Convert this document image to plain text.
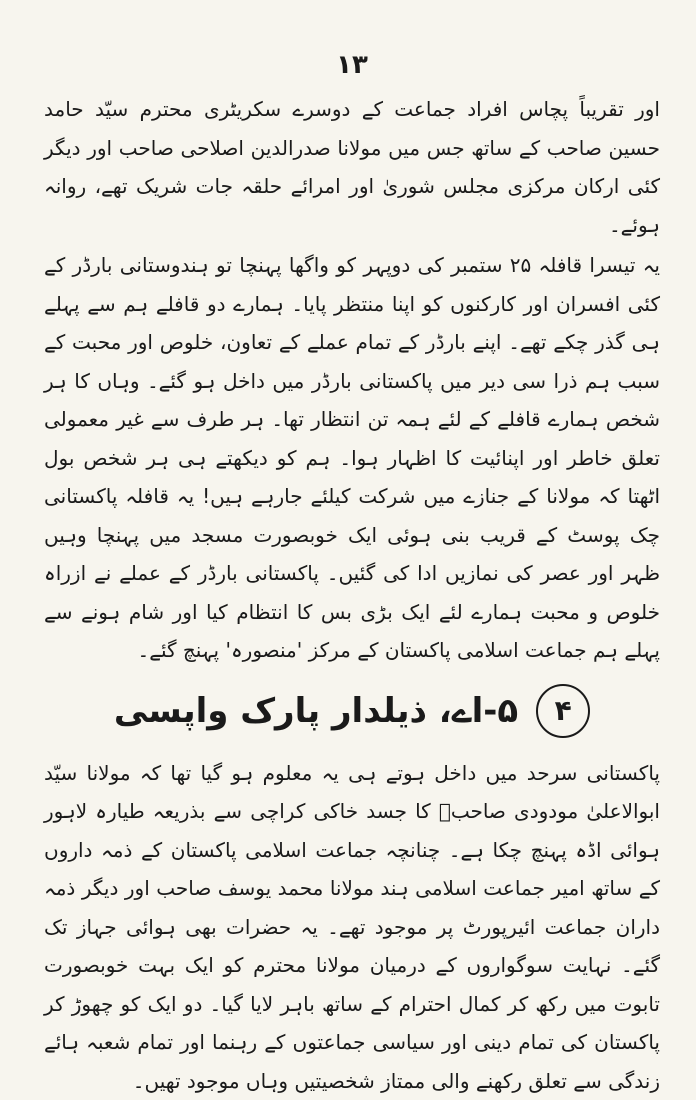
۱۳

اور تقریباً پچاس افراد جماعت کے دوسرے سکریٹری محترم سیّد حامد حسین صاحب کے ساتھ جس میں مولانا صدرالدین اصلاحی صاحب اور دیگر کئی ارکان مرکزی مجلس شوریٰ اور امرائے حلقہ جات شریک تھے، روانہ ہوئے۔

یہ تیسرا قافلہ ۲۵ ستمبر کی دوپہر کو واگھا پہنچا تو ہندوستانی بارڈر کے کئی افسران اور کارکنوں کو اپنا منتظر پایا۔ ہمارے دو قافلے ہم سے پہلے ہی گذر چکے تھے۔ اپنے بارڈر کے تمام عملے کے تعاون، خلوص اور محبت کے سبب ہم ذرا سی دیر میں پاکستانی بارڈر میں داخل ہو گئے۔ وہاں کا ہر شخص ہمارے قافلے کے لئے ہمہ تن انتظار تھا۔ ہر طرف سے غیر معمولی تعلق خاطر اور اپنائیت کا اظہار ہوا۔ ہم کو دیکھتے ہی ہر شخص بول اٹھتا کہ مولانا کے جنازے میں شرکت کیلئے جارہے ہیں! یہ قافلہ پاکستانی چک پوسٹ کے قریب بنی ہوئی ایک خوبصورت مسجد میں پہنچا وہیں ظہر اور عصر کی نمازیں ادا کی گئیں۔ پاکستانی بارڈر کے عملے نے ازراہ خلوص و محبت ہمارے لئے ایک بڑی بس کا انتظام کیا اور شام ہونے سے پہلے ہم جماعت اسلامی پاکستان کے مرکز 'منصورہ' پہنچ گئے۔

۴
۵-اے، ذیلدار پارک واپسی

پاکستانی سرحد میں داخل ہوتے ہی یہ معلوم ہو گیا تھا کہ مولانا سیّد ابوالاعلیٰ مودودی صاحبؒ کا جسد خاکی کراچی سے بذریعہ طیارہ لاہور ہوائی اڈہ پہنچ چکا ہے۔ چنانچہ جماعت اسلامی پاکستان کے ذمہ داروں کے ساتھ امیر جماعت اسلامی ہند مولانا محمد یوسف صاحب اور دیگر ذمہ داران جماعت ائیرپورٹ پر موجود تھے۔ یہ حضرات بھی ہوائی جہاز تک گئے۔ نہایت سوگواروں کے درمیان مولانا محترم کو ایک بہت خوبصورت تابوت میں رکھ کر کمال احترام کے ساتھ باہر لایا گیا۔ دو ایک کو چھوڑ کر پاکستان کی تمام دینی اور سیاسی جماعتوں کے رہنما اور تمام شعبہ ہائے زندگی سے تعلق رکھنے والی ممتاز شخصیتیں وہاں موجود تھیں۔
